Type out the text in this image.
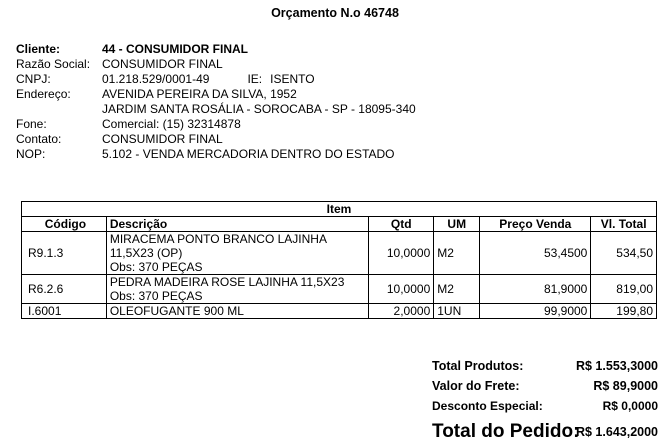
Orçamento N.o 46748
Cliente:	44 - CONSUMIDOR FINAL
Razão Social: CONSUMIDOR FINAL
CNPJ:	01.218.529/0001-49	IE: ISENTO
Endereço:	AVENIDA PEREIRA DA SILVA, 1952
JARDIM SANTA ROSÁLIA - SOROCABA - SP - 18095-340
Fone:	Comercial: (15) 32314878
Contato:	CONSUMIDOR FINAL
NOP:	5.102 - VENDA MERCADORIA DENTRO DO ESTADO
Item					
Código	Descrição	Qtd	UM	Preço Venda	Vl. Total
R9.1.3	MIRACEMA PONTO BRANCO LAJINHA
11,5X23 (OP)
Obs: 370 PEÇAS	10,0000	M2	53,4500	534,50
R6.2.6	PEDRA MADEIRA ROSE LAJINHA 11,5X23
Obs: 370 PEÇAS	10,0000	M2	81,9000	819,00
I.6001	OLEOFUGANTE 900 ML	2,0000	1UN	99,9000	199,80
Total Produtos:	R$ 1.553,3000
Valor do Frete:	R$ 89,9000
Desconto Especial:	R$ 0,0000
Total do Pedido:
R$ 1.643,2000
